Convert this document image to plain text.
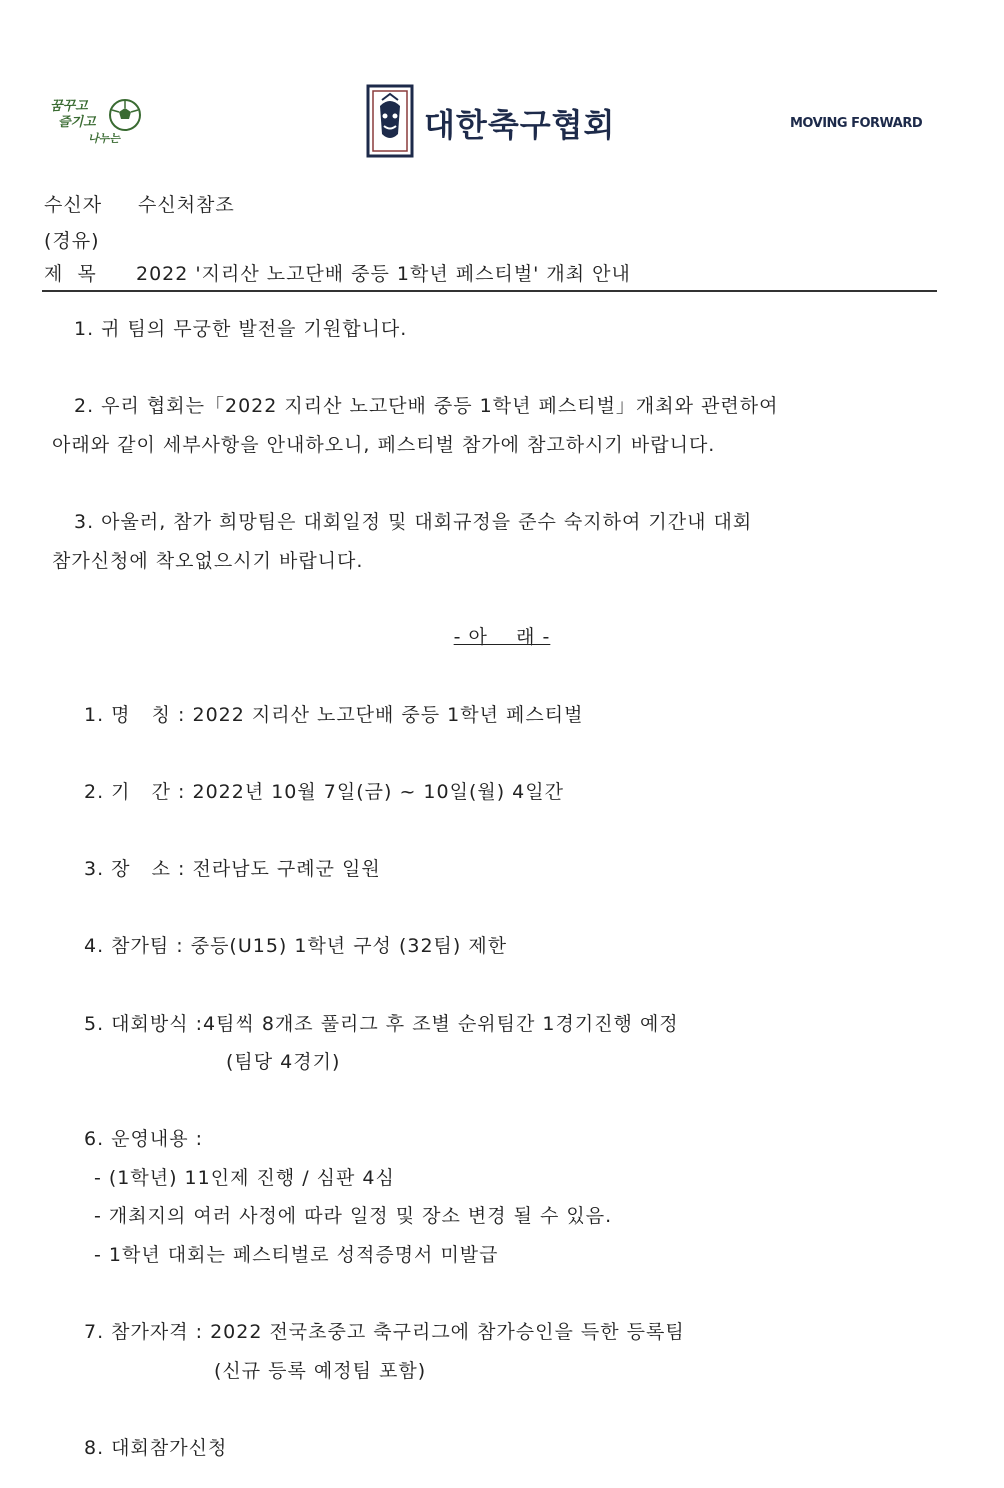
꿈꾸고
즐기고
나누는	대한축구협회	MOVING FORWARD
수신자 수신처참조
(경유)
제  목 2022 '지리산 노고단배 중등 1학년 페스티벌' 개최 안내
1. 귀 팀의 무궁한 발전을 기원합니다.
2. 우리 협회는「2022 지리산 노고단배 중등 1학년 페스티벌」개최와 관련하여
아래와 같이 세부사항을 안내하오니, 페스티벌 참가에 참고하시기 바랍니다.
3. 아울러, 참가 희망팀은 대회일정 및 대회규정을 준수 숙지하여 기간내 대회
참가신청에 착오없으시기 바랍니다.
- 아    래 -
1. 명   칭 : 2022 지리산 노고단배 중등 1학년 페스티벌
2. 기   간 : 2022년 10월 7일(금) ~ 10일(월) 4일간
3. 장   소 : 전라남도 구례군 일원
4. 참가팀 : 중등(U15) 1학년 구성 (32팀) 제한
5. 대회방식 :4팀씩 8개조 풀리그 후 조별 순위팀간 1경기진행 예정
(팀당 4경기)
6. 운영내용 :
- (1학년) 11인제 진행 / 심판 4심
- 개최지의 여러 사정에 따라 일정 및 장소 변경 될 수 있음.
- 1학년 대회는 페스티벌로 성적증명서 미발급
7. 참가자격 : 2022 전국초중고 축구리그에 참가승인을 득한 등록팀
(신규 등록 예정팀 포함)
8. 대회참가신청
